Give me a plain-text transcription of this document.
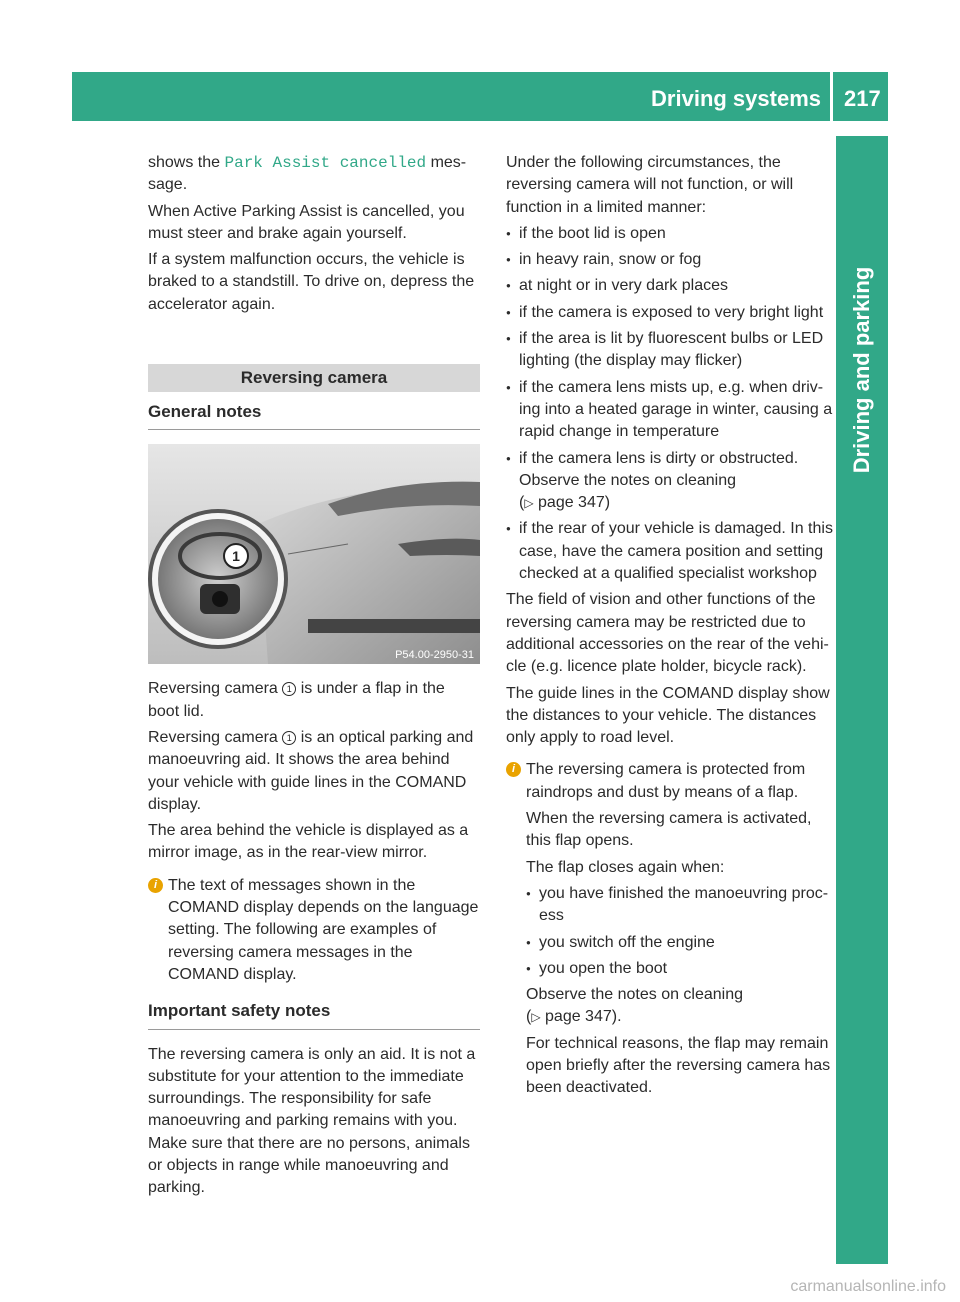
Driving systems 217
Driving and parking

shows the Park Assist cancelled mes-sage.

When Active Parking Assist is cancelled, you must steer and brake again yourself.

If a system malfunction occurs, the vehicle is braked to a standstill. To drive on, depress the accelerator again.

Reversing camera
General notes
1
P54.00-2950-31

Reversing camera 1 is under a flap in the boot lid.

Reversing camera 1 is an optical parking and manoeuvring aid. It shows the area behind your vehicle with guide lines in the COMAND display.

The area behind the vehicle is displayed as a mirror image, as in the rear-view mirror.

i The text of messages shown in the COMAND display depends on the language setting. The following are examples of reversing camera messages in the COMAND display.
Important safety notes

The reversing camera is only an aid. It is not a substitute for your attention to the immediate surroundings. The responsibility for safe manoeuvring and parking remains with you. Make sure that there are no persons, animals or objects in range while manoeuvring and parking.

Under the following circumstances, the reversing camera will not function, or will function in a limited manner:

● if the boot lid is open
● in heavy rain, snow or fog
● at night or in very dark places
● if the camera is exposed to very bright light
● if the area is lit by fluorescent bulbs or LED lighting (the display may flicker)
● if the camera lens mists up, e.g. when driv-ing into a heated garage in winter, causing a rapid change in temperature
● if the camera lens is dirty or obstructed. Observe the notes on cleaning
(▷ page 347)
● if the rear of your vehicle is damaged. In this case, have the camera position and setting checked at a qualified specialist workshop

The field of vision and other functions of the reversing camera may be restricted due to additional accessories on the rear of the vehi-cle (e.g. licence plate holder, bicycle rack).

The guide lines in the COMAND display show the distances to your vehicle. The distances only apply to road level.

i The reversing camera is protected from raindrops and dust by means of a flap.

When the reversing camera is activated, this flap opens.

The flap closes again when:

● you have finished the manoeuvring proc-ess
● you switch off the engine
● you open the boot

Observe the notes on cleaning
(▷ page 347).

For technical reasons, the flap may remain open briefly after the reversing camera has been deactivated.

carmanualsonline.info
